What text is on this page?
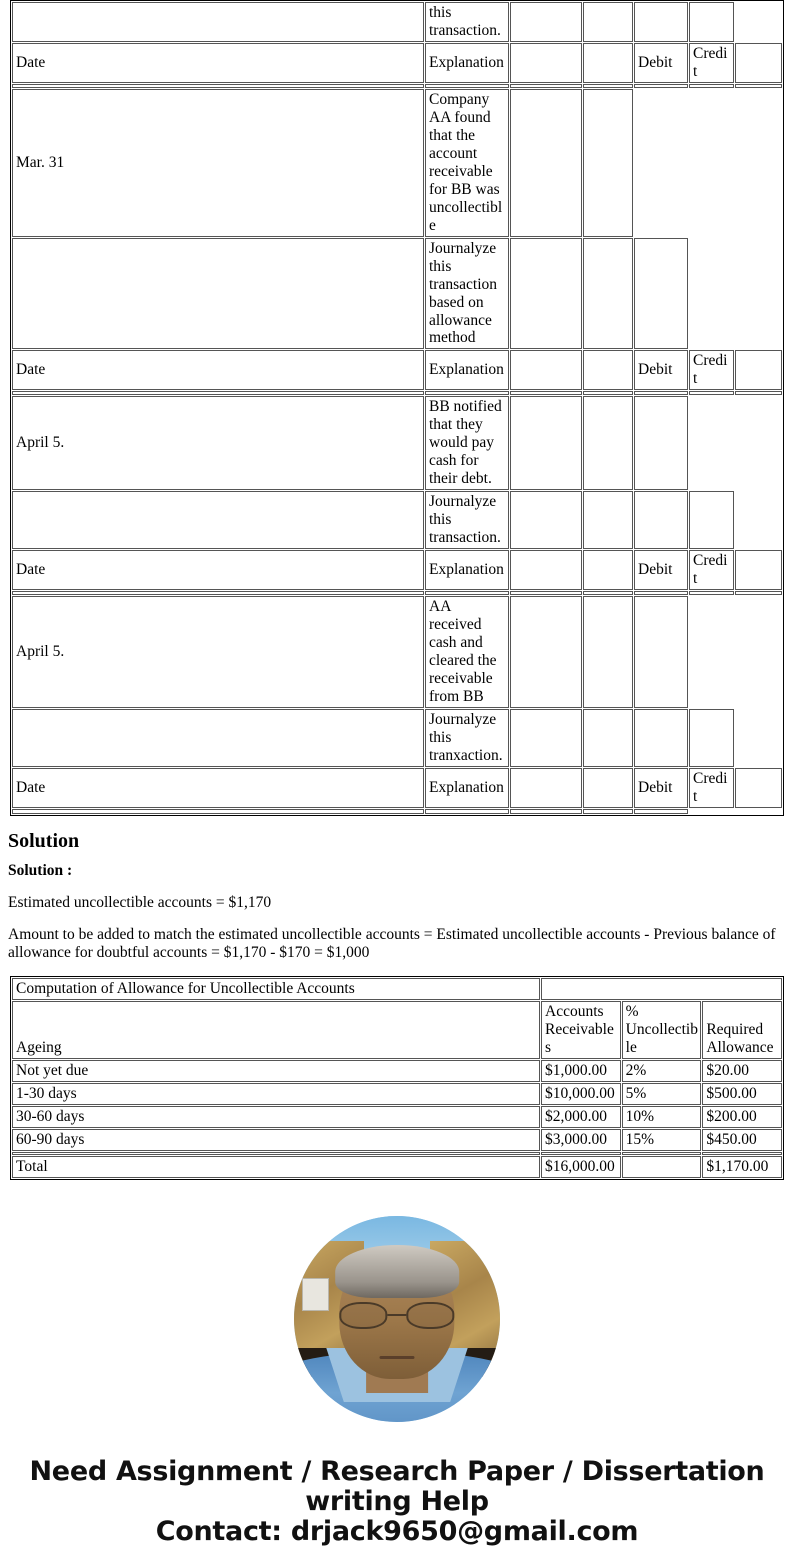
	this transaction.					
Date	Explanation			Debit	Credit	

Mar. 31	Company AA found that the account receivable for BB was uncollectible					
	Journalyze this transaction based on allowance method					
Date	Explanation			Debit	Credit	

April 5.	BB notified that they would pay cash for their debt.					
	Journalyze this transaction.					
Date	Explanation			Debit	Credit	

April 5.	AA received cash and cleared the receivable from BB					
	Journalyze this tranxaction.					
Date	Explanation			Debit	Credit	

Solution

Solution :

Estimated uncollectible accounts = $1,170

Amount to be added to match the estimated uncollectible accounts = Estimated uncollectible accounts - Previous balance of allowance for doubtful accounts = $1,170 - $170 = $1,000

Computation of Allowance for Uncollectible Accounts			
Ageing	Accounts Receivables	% Uncollectible	Required Allowance
Not yet due	$1,000.00	2%	$20.00
1-30 days	$10,000.00	5%	$500.00
30-60 days	$2,000.00	10%	$200.00
60-90 days	$3,000.00	15%	$450.00

Total	$16,000.00		$1,170.00
Need Assignment / Research Paper / Dissertation
writing Help
Contact: drjack9650@gmail.com
